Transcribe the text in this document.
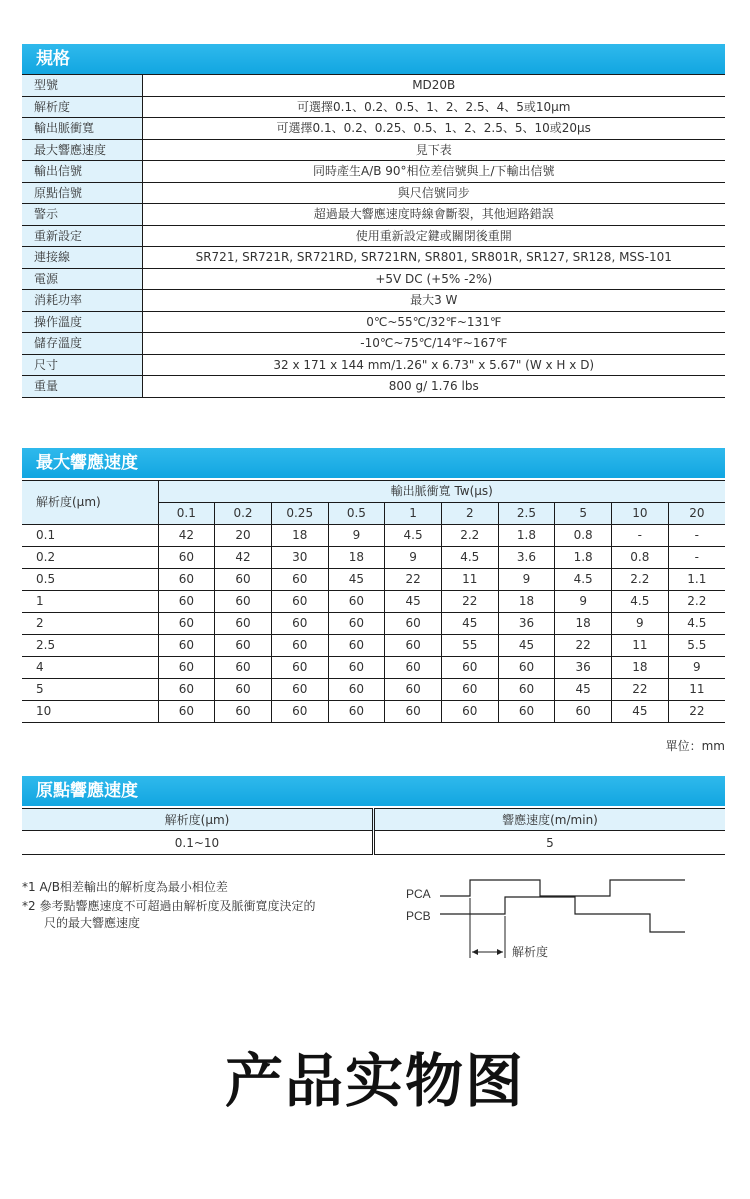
規格
型號	MD20B
解析度	可選擇0.1、0.2、0.5、1、2、2.5、4、5或10μm
輸出脈衝寬	可選擇0.1、0.2、0.25、0.5、1、2、2.5、5、10或20μs
最大響應速度	見下表
輸出信號	同時產生A/B 90°相位差信號與上/下輸出信號
原點信號	與尺信號同步
警示	超過最大響應速度時線會斷裂，其他迴路錯誤
重新設定	使用重新設定鍵或關閉後重開
連接線	SR721, SR721R, SR721RD, SR721RN, SR801, SR801R, SR127, SR128, MSS-101
電源	+5V DC (+5% -2%)
消耗功率	最大3 W
操作溫度	0℃~55℃/32℉~131℉
儲存溫度	-10℃~75℃/14℉~167℉
尺寸	32 x 171 x 144 mm/1.26" x 6.73" x 5.67" (W x H x D)
重量	800 g/ 1.76 lbs
最大響應速度
解析度(μm)	輸出脈衝寬 Tw(μs)									
	0.1	0.2	0.25	0.5	1	2	2.5	5	10	20
0.1	42	20	18	9	4.5	2.2	1.8	0.8	-	-
0.2	60	42	30	18	9	4.5	3.6	1.8	0.8	-
0.5	60	60	60	45	22	11	9	4.5	2.2	1.1
1	60	60	60	60	45	22	18	9	4.5	2.2
2	60	60	60	60	60	45	36	18	9	4.5
2.5	60	60	60	60	60	55	45	22	11	5.5
4	60	60	60	60	60	60	60	36	18	9
5	60	60	60	60	60	60	60	45	22	11
10	60	60	60	60	60	60	60	60	45	22
單位：mm
原點響應速度
解析度(μm)	響應速度(m/min)
0.1~10	5
*1 A/B相差輸出的解析度為最小相位差
*2 參考點響應速度不可超過由解析度及脈衝寬度決定的
尺的最大響應速度
PCA
PCB
解析度
产品实物图
